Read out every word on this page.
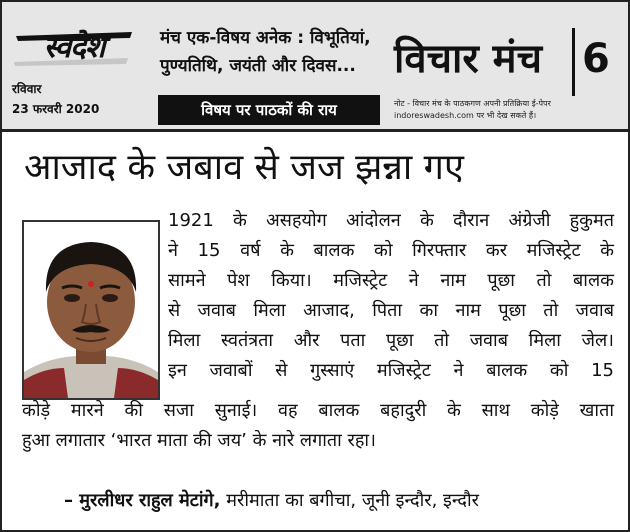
स्वदेश
रविवार
23 फरवरी 2020
मंच एक-विषय अनेक : विभूतियां,
पुण्यतिथि, जयंती और दिवस...
विषय पर पाठकों की राय
विचार मंच 6
नोट - विचार मंच के पाठकगण अपनी प्रतिक्रिया ई-पेपर
indoreswadesh.com पर भी देख सकते हैं।
आजाद के जबाव से जज झन्ना गए
1921 के असहयोग आंदोलन के दौरान अंग्रेजी हुकुमत
ने 15 वर्ष के बालक को गिरफ्तार कर मजिस्ट्रेट के
सामने पेश किया। मजिस्ट्रेट ने नाम पूछा तो बालक
से जवाब मिला आजाद, पिता का नाम पूछा तो जवाब
मिला स्वतंत्रता और पता पूछा तो जवाब मिला जेल।
इन जवाबों से गुस्साएं मजिस्ट्रेट ने बालक को 15
कोड़े मारने की सजा सुनाई। वह बालक बहादुरी के साथ कोड़े खाता
हुआ लगातार ‘भारत माता की जय’ के नारे लगाता रहा।
– मुरलीधर राहुल मेटांगे, मरीमाता का बगीचा, जूनी इन्दौर, इन्दौर
